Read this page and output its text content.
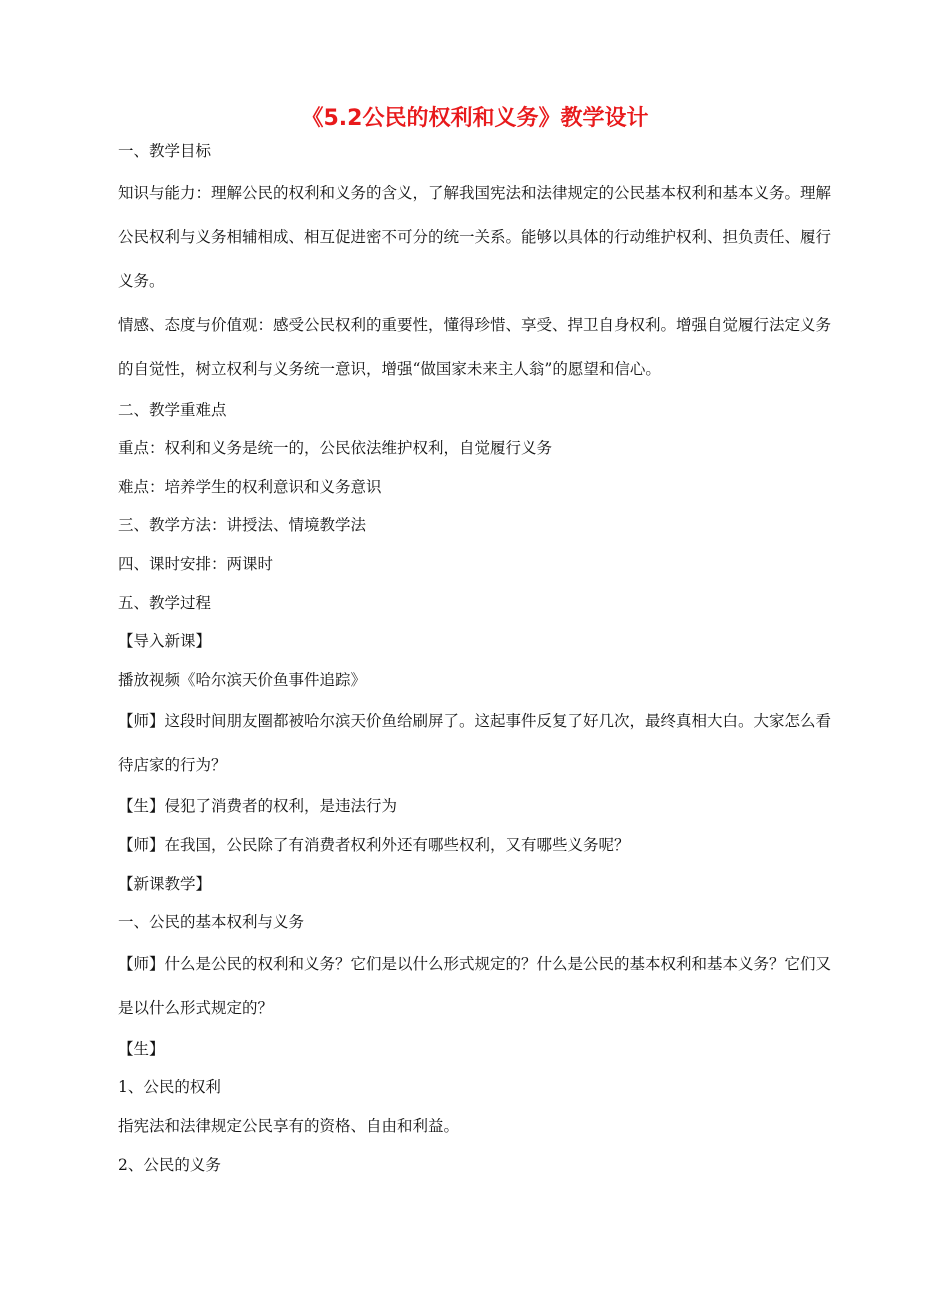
《5.2公民的权利和义务》教学设计

一、教学目标

知识与能力：理解公民的权利和义务的含义，了解我国宪法和法律规定的公民基本权利和基本义务。理解公民权利与义务相辅相成、相互促进密不可分的统一关系。能够以具体的行动维护权利、担负责任、履行义务。

情感、态度与价值观：感受公民权利的重要性，懂得珍惜、享受、捍卫自身权利。增强自觉履行法定义务的自觉性，树立权利与义务统一意识，增强“做国家未来主人翁”的愿望和信心。

二、教学重难点

重点：权利和义务是统一的，公民依法维护权利，自觉履行义务

难点：培养学生的权利意识和义务意识

三、教学方法：讲授法、情境教学法

四、课时安排：两课时

五、教学过程

【导入新课】

播放视频《哈尔滨天价鱼事件追踪》

【师】这段时间朋友圈都被哈尔滨天价鱼给刷屏了。这起事件反复了好几次，最终真相大白。大家怎么看待店家的行为？

【生】侵犯了消费者的权利，是违法行为

【师】在我国，公民除了有消费者权利外还有哪些权利，又有哪些义务呢？

【新课教学】

一、公民的基本权利与义务

【师】什么是公民的权利和义务？它们是以什么形式规定的？什么是公民的基本权利和基本义务？它们又是以什么形式规定的？

【生】

1、公民的权利

指宪法和法律规定公民享有的资格、自由和利益。

2、公民的义务
